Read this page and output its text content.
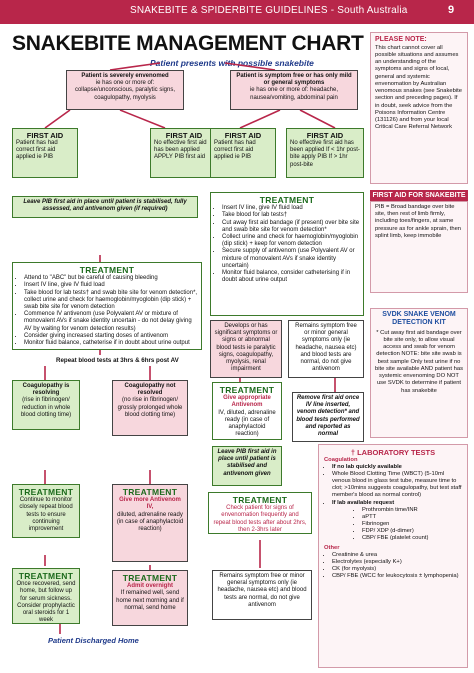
SNAKEBITE & SPIDERBITE GUIDELINES - South Australia	9
SNAKEBITE MANAGEMENT CHART
Patient presents with possible snakebite
PLEASE NOTE:
This chart cannot cover all possible situations and assumes an understanding of the symptoms and signs of local, general and systemic envenomation by Australian venomous snakes (see Snakebite section and preceding pages). If in doubt, seek advice from the Poisons Information Centre (131126) and from your local Critical Care Referral Network
Patient is severely envenomed
ie has one or more of: collapse/unconscious, paralytic signs, coagulopathy, myolysis
Patient is symptom free or has only mild or general symptoms
ie has one or more of: headache, nausea/vomiting, abdominal pain
FIRST AID
Patient has had correct first aid applied ie PIB
FIRST AID
No effective first aid has been applied APPLY PIB first aid
FIRST AID
Patient has had correct first aid applied ie PIB
FIRST AID
No effective first aid has been applied If < 1hr post-bite apply PIB If > 1hr post-bite
Leave PIB first aid in place until patient is stabilised, fully assessed, and antivenom given (if required)
TREATMENT
• Insert IV line, give IV fluid load
• Take blood for lab tests†
• Cut away first aid bandage (if present) over bite site and swab bite site for venom detection*
• Collect urine and check for haemoglobin/myoglobin (dip stick) + keep for venom detection
• Secure supply of antivenom (use Polyvalent AV or mixture of monovalent AVs if snake identity uncertain)
• Monitor fluid balance, consider catheterising if in doubt about urine output
TREATMENT
• Attend to "ABC" but be careful of causing bleeding
• Insert IV line, give IV fluid load
• Take blood for lab tests† and swab bite site for venom detection*, collect urine and check for haemoglobin/myoglobin (dip stick) + swab bite site for venom detection
• Commence IV antivenom (use Polyvalent AV or mixture of monovalent AVs if snake identity uncertain - do not delay giving AV by waiting for venom detection results)
• Consider giving increased starting doses of antivenom
• Monitor fluid balance, catheterise if in doubt about urine output
Develops or has significant symptoms or signs or abnormal blood tests ie paralytic signs, coagulopathy, myolysis, renal impairment
Remains symptom free or minor general symptoms only (ie headache, nausea etc) and blood tests are normal, do not give antivenom
Repeat blood tests at 3hrs & 6hrs post AV
Coagulopathy is resolving
(rise in fibrinogen/ reduction in whole blood clotting time)
Coagulopathy not resolved
(no rise in fibrinogen/ grossly prolonged whole blood clotting time)
TREATMENT
Give appropriate Antivenom
IV, diluted, adrenaline ready (in case of anaphylactoid reaction)
Remove first aid once IV line inserted, venom detection* and blood tests performed and reported as normal
Leave PIB first aid in place until patient is stabilised and antivenom given
TREATMENT
Continue to monitor closely repeat blood tests to ensure continuing improvement
TREATMENT
Give more Antivenom IV,
diluted, adrenaline ready (in case of anaphylactoid reaction)
TREATMENT
Check patient for signs of envenomation frequently and repeat blood tests after about 2hrs, then 2-3hrs later
TREATMENT
Once recovered, send home, but follow up for serum sickness. Consider prophylactic oral steroids for 1 week
TREATMENT
Admit overnight
If remained well, send home next morning and if normal, send home
Remains symptom free or minor general symptoms only (ie headache, nausea etc) and blood tests are normal, do not give antivenom
Patient Discharged Home
FIRST AID FOR SNAKEBITE
PIB = Broad bandage over bite site, then rest of limb firmly, including toes/fingers, at same pressure as for ankle sprain, then splint limb, keep immobile
SVDK SNAKE VENOM DETECTION KIT
* Cut away first aid bandage over bite site only, to allow visual access and swab for venom detection NOTE: bite site swab is best sample Only test urine if no bite site available AND patient has systemic envenoming DO NOT use SVDK to determine if patient has snakebite
† LABORATORY TESTS
Coagulation
• If no lab quickly available
• Whole Blood Clotting Time (WBCT) (5-10ml venous blood in glass test tube, measure time to clot; >10mins suggests coagulopathy, but test staff member's blood as normal control)
• If lab available request
• Prothrombin time/INR
• aPTT
• Fibrinogen
• FDP/ XDP (d-dimer)
• CBP/ FBE (platelet count)
Other
• Creatinine & urea
• Electrolytes (especially K+)
• CK (for myolysis)
• CBP/ FBE (WCC for leukocytosis ± lymphopenia)
